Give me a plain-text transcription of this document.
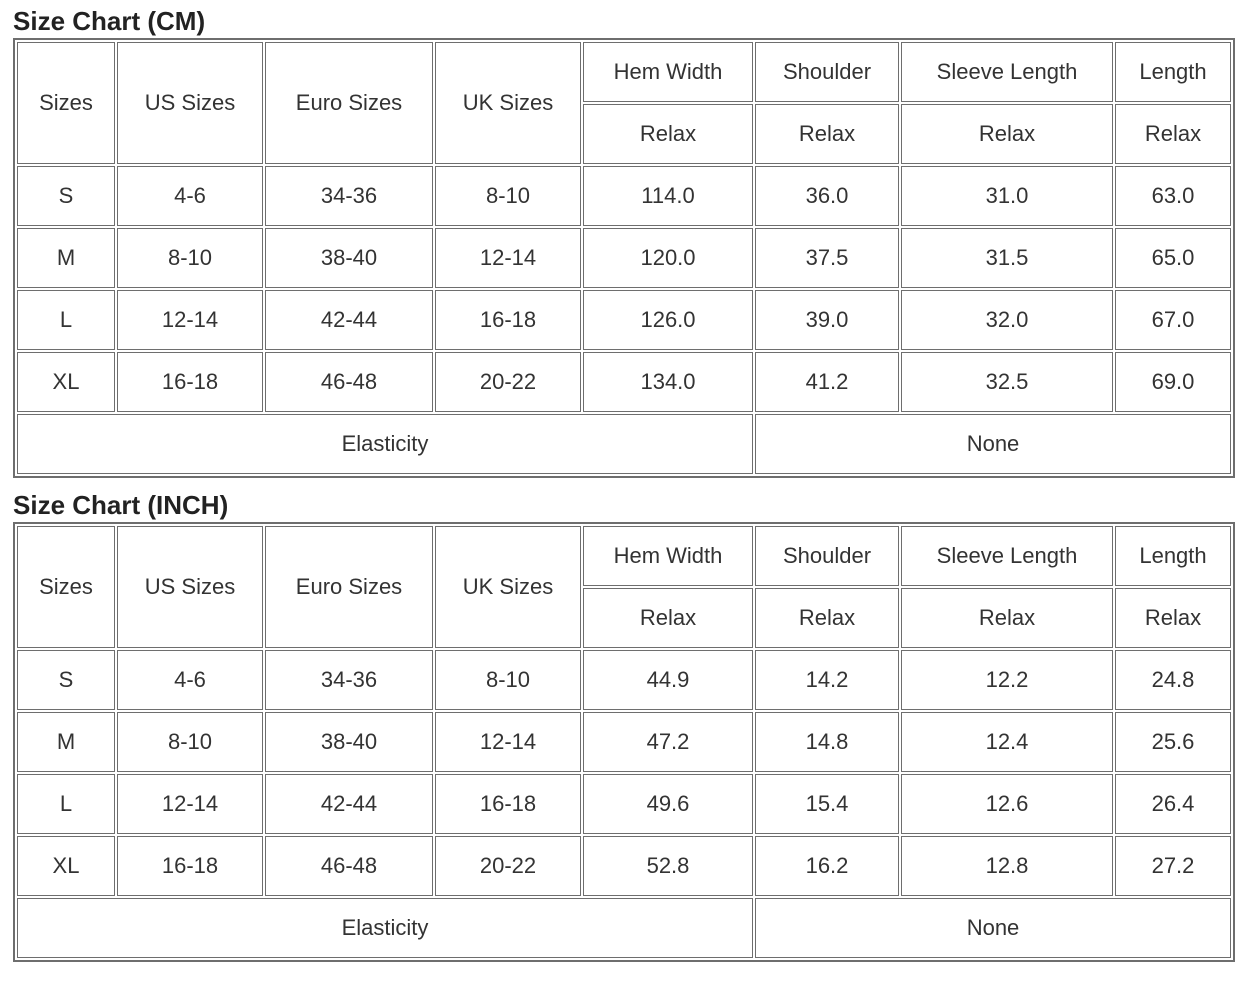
Size Chart (CM)
Sizes	US Sizes	Euro Sizes	UK Sizes	Hem Width	Shoulder	Sleeve Length	Length
				Relax	Relax	Relax	Relax
S	4-6	34-36	8-10	114.0	36.0	31.0	63.0
M	8-10	38-40	12-14	120.0	37.5	31.5	65.0
L	12-14	42-44	16-18	126.0	39.0	32.0	67.0
XL	16-18	46-48	20-22	134.0	41.2	32.5	69.0
Elasticity					None		
Size Chart (INCH)
Sizes	US Sizes	Euro Sizes	UK Sizes	Hem Width	Shoulder	Sleeve Length	Length
				Relax	Relax	Relax	Relax
S	4-6	34-36	8-10	44.9	14.2	12.2	24.8
M	8-10	38-40	12-14	47.2	14.8	12.4	25.6
L	12-14	42-44	16-18	49.6	15.4	12.6	26.4
XL	16-18	46-48	20-22	52.8	16.2	12.8	27.2
Elasticity					None		
